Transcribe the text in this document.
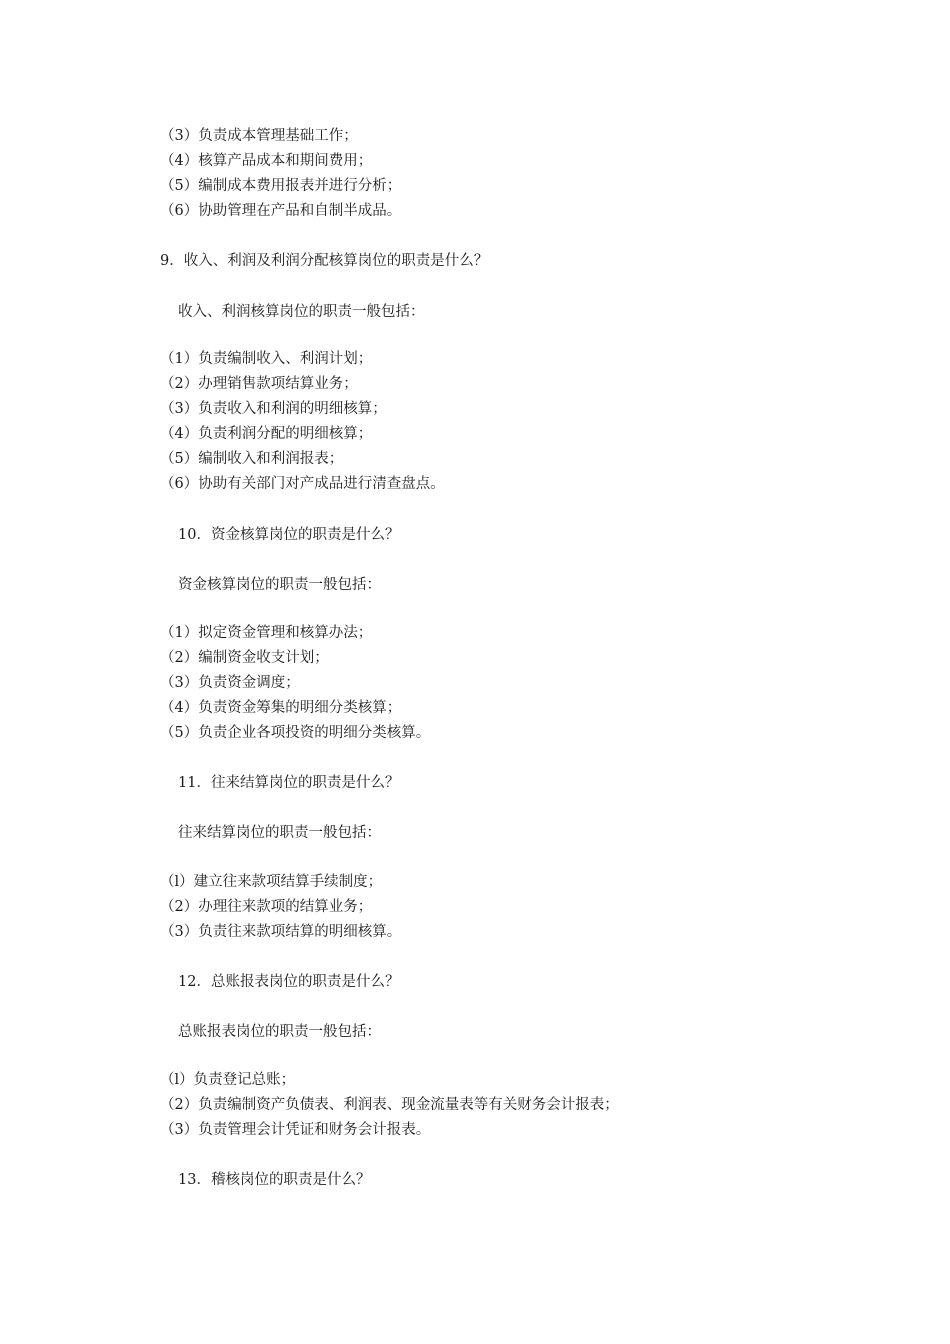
（3）负责成本管理基础工作；
（4）核算产品成本和期间费用；
（5）编制成本费用报表并进行分析；
（6）协助管理在产品和自制半成品。
9．收入、利润及利润分配核算岗位的职责是什么？
收入、利润核算岗位的职责一般包括：
（1）负责编制收入、利润计划；
（2）办理销售款项结算业务；
（3）负责收入和利润的明细核算；
（4）负责利润分配的明细核算；
（5）编制收入和利润报表；
（6）协助有关部门对产成品进行清查盘点。
10．资金核算岗位的职责是什么？
资金核算岗位的职责一般包括：
（1）拟定资金管理和核算办法；
（2）编制资金收支计划；
（3）负责资金调度；
（4）负责资金筹集的明细分类核算；
（5）负责企业各项投资的明细分类核算。
11．往来结算岗位的职责是什么？
往来结算岗位的职责一般包括：
（l）建立往来款项结算手续制度；
（2）办理往来款项的结算业务；
（3）负责往来款项结算的明细核算。
12．总账报表岗位的职责是什么？
总账报表岗位的职责一般包括：
（l）负责登记总账；
（2）负责编制资产负债表、利润表、现金流量表等有关财务会计报表；
（3）负责管理会计凭证和财务会计报表。
13．稽核岗位的职责是什么？
